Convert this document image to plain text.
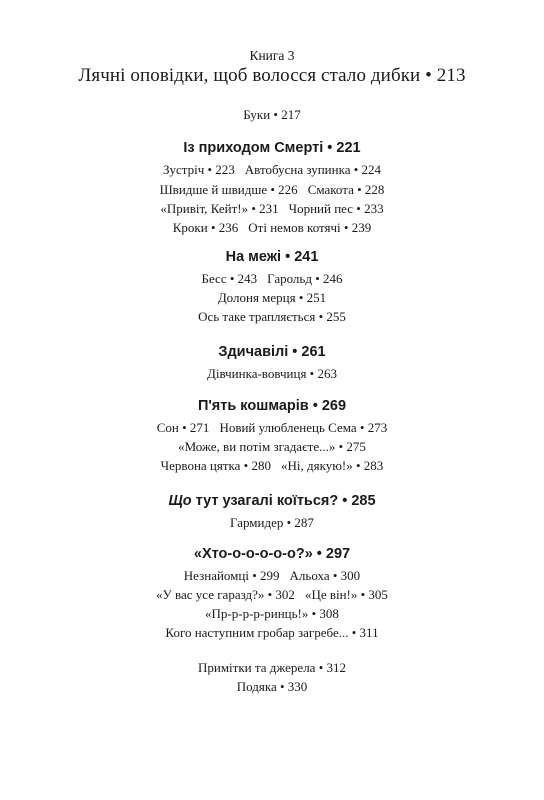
Книга 3
Лячні оповідки, щоб волосся стало дибки • 213
Буки • 217
Із приходом Смерті • 221
Зустріч • 223 Автобусна зупинка • 224
Швидше й швидше • 226 Смакота • 228
«Привіт, Кейт!» • 231 Чорний пес • 233
Кроки • 236 Оті немов котячі • 239
На межі • 241
Бесс • 243 Гарольд • 246
Долоня мерця • 251
Ось таке трапляється • 255
Здичавілі • 261
Дівчинка-вовчиця • 263
П'ять кошмарів • 269
Сон • 271 Новий улюбленець Сема • 273
«Може, ви потім згадаєте...» • 275
Червона цятка • 280 «Ні, дякую!» • 283
Що тут узагалі коїться? • 285
Гармидер • 287
«Хто-о-о-о-о-о?» • 297
Незнайомці • 299 Альоха • 300
«У вас усе гаразд?» • 302 «Це він!» • 305
«Пр-р-р-р-ринць!» • 308
Кого наступним гробар загребе... • 311
Примітки та джерела • 312
Подяка • 330
